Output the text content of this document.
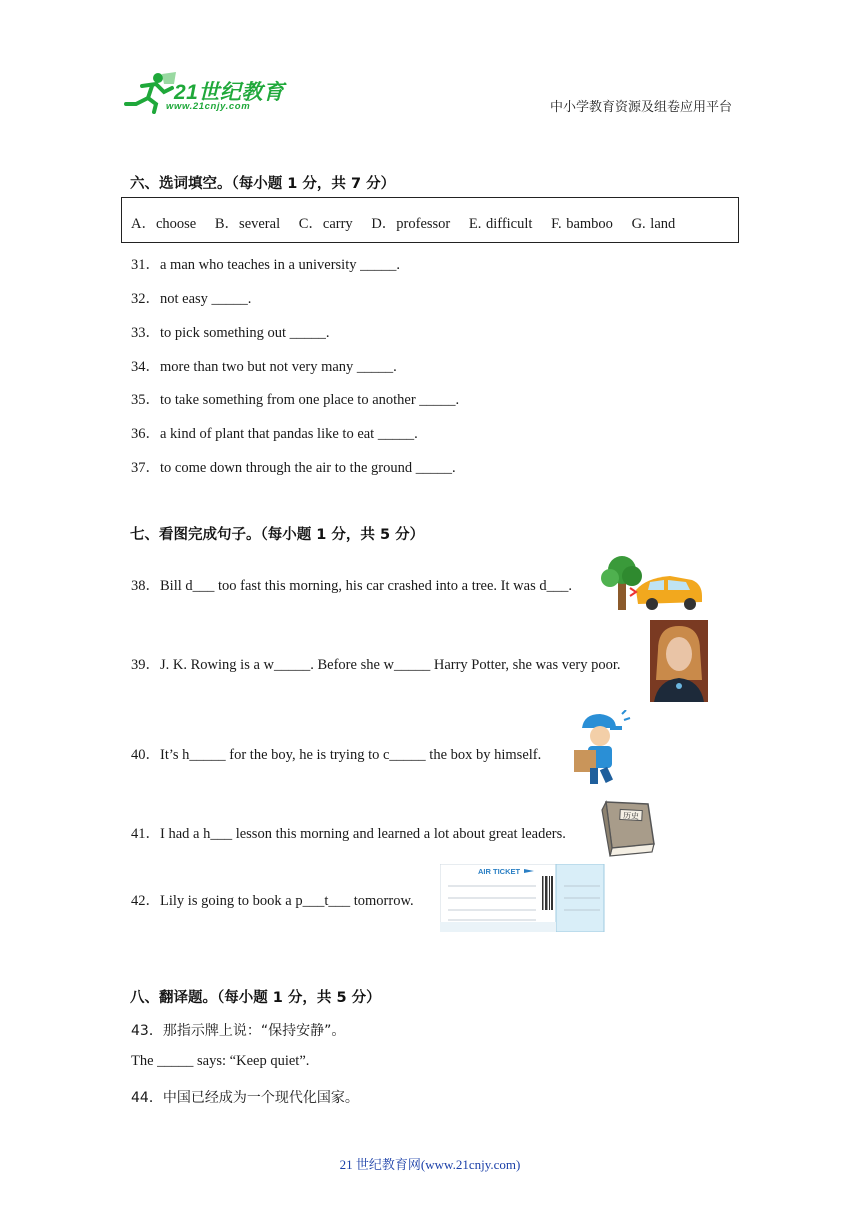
21世纪教育
www.21cnjy.com	中小学教育资源及组卷应用平台
六、选词填空。（每小题 1 分，共 7 分）
A．choose B．several C．carry D．professor E. difficult F. bamboo G. land
31．a man who teaches in a university _____.
32．not easy _____.
33．to pick something out _____.
34．more than two but not very many _____.
35．to take something from one place to another _____.
36．a kind of plant that pandas like to eat _____.
37．to come down through the air to the ground _____.
七、看图完成句子。（每小题 1 分，共 5 分）
38．Bill d___ too fast this morning, his car crashed into a tree. It was d___.
39．J. K. Rowing is a w_____. Before she w_____ Harry Potter, she was very poor.
40．It’s h_____ for the boy, he is trying to c_____ the box by himself.
41．I had a h___ lesson this morning and learned a lot about great leaders.
历史
42．Lily is going to book a p___t___ tomorrow.
AIR TICKET
八、翻译题。（每小题 1 分，共 5 分）
43．那指示牌上说：“保持安静”。
The _____ says: “Keep quiet”.
44．中国已经成为一个现代化国家。
21 世纪教育网(www.21cnjy.com)
